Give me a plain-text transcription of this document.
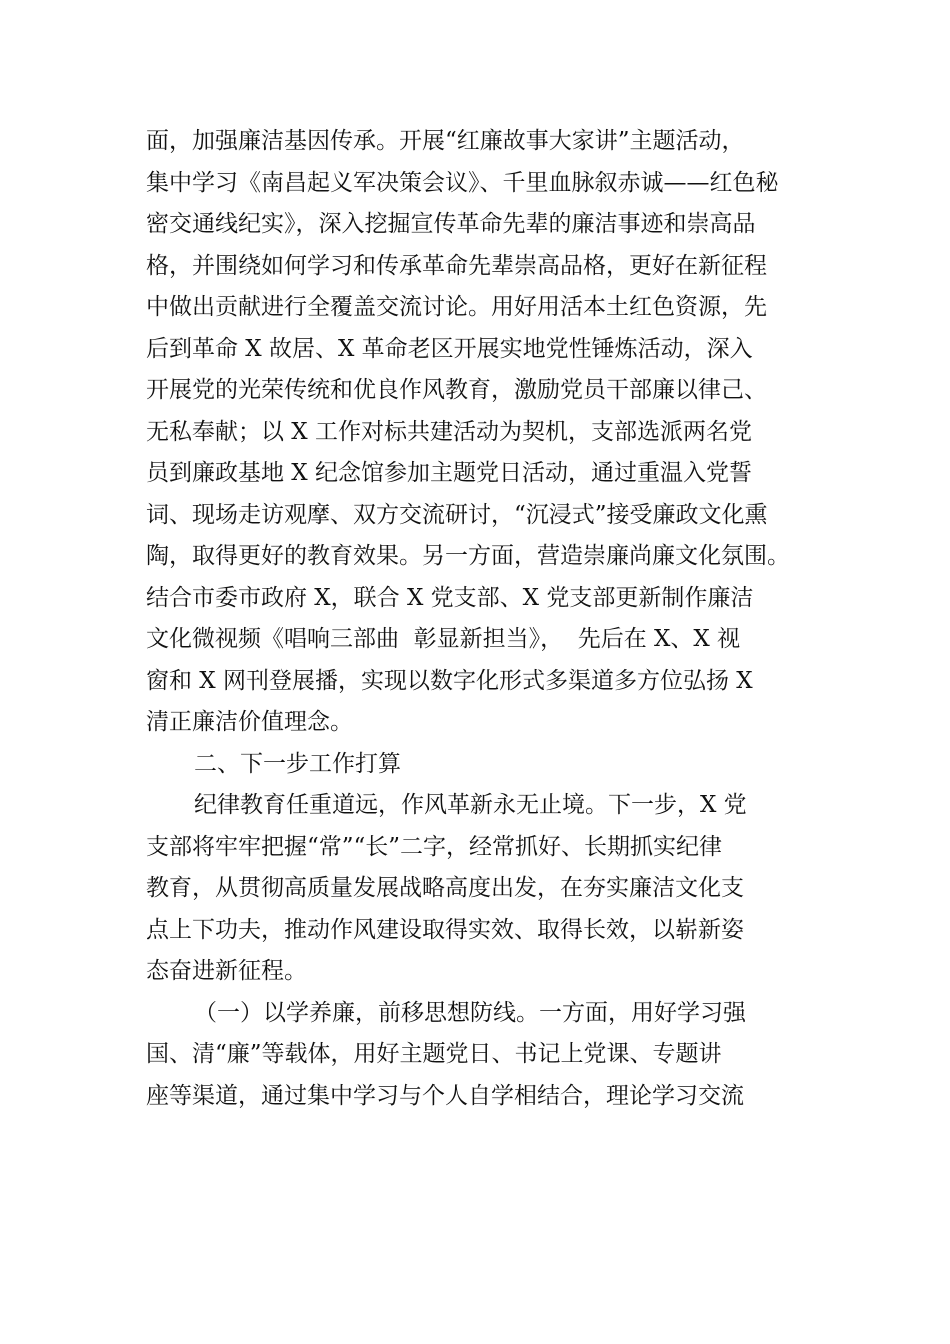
面，加强廉洁基因传承。开展“红廉故事大家讲”主题活动，
集中学习《南昌起义军决策会议》、千里血脉叙赤诚——红色秘
密交通线纪实》，深入挖掘宣传革命先辈的廉洁事迹和崇高品
格，并围绕如何学习和传承革命先辈崇高品格，更好在新征程
中做出贡献进行全覆盖交流讨论。用好用活本土红色资源，先
后到革命 X 故居、X 革命老区开展实地党性锤炼活动，深入
开展党的光荣传统和优良作风教育，激励党员干部廉以律己、
无私奉献；以 X 工作对标共建活动为契机，支部选派两名党
员到廉政基地 X 纪念馆参加主题党日活动，通过重温入党誓
词、现场走访观摩、双方交流研讨，“沉浸式”接受廉政文化熏
陶，取得更好的教育效果。另一方面，营造崇廉尚廉文化氛围。
结合市委市政府 X，联合 X 党支部、X 党支部更新制作廉洁
文化微视频《唱响三部曲  彰显新担当》，  先后在 X、X 视
窗和 X 网刊登展播，实现以数字化形式多渠道多方位弘扬 X
清正廉洁价值理念。
二、下一步工作打算
纪律教育任重道远，作风革新永无止境。下一步，X 党
支部将牢牢把握“常”“长”二字，经常抓好、长期抓实纪律
教育，从贯彻高质量发展战略高度出发，在夯实廉洁文化支
点上下功夫，推动作风建设取得实效、取得长效，以崭新姿
态奋进新征程。
（一）以学养廉，前移思想防线。一方面，用好学习强
国、清“廉”等载体，用好主题党日、书记上党课、专题讲
座等渠道，通过集中学习与个人自学相结合，理论学习交流
